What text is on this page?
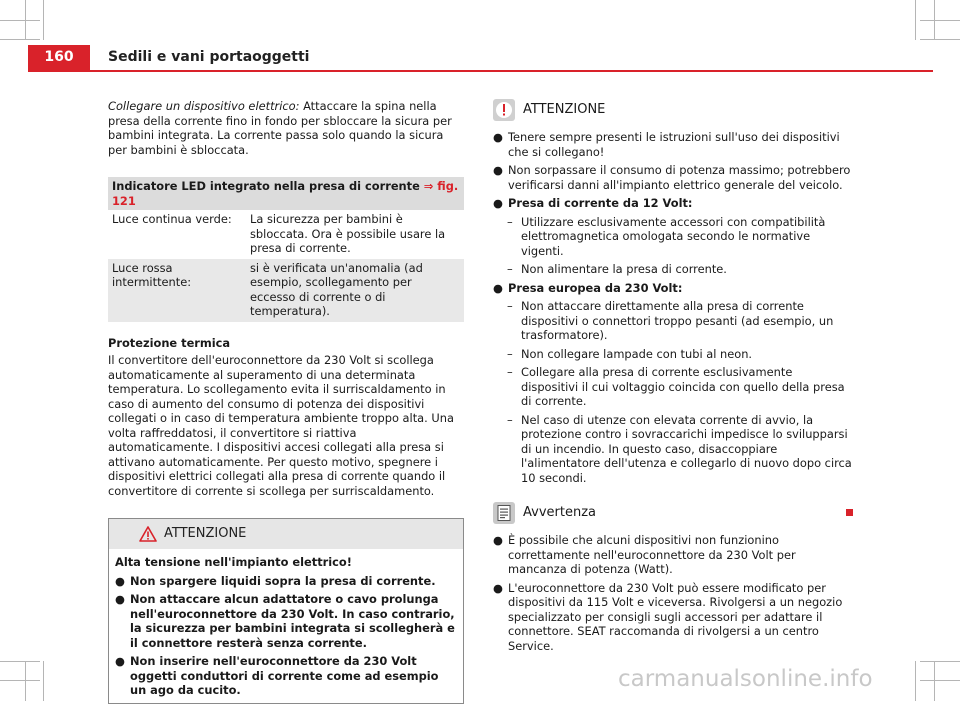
160	Sedili e vani portaoggetti

Collegare un dispositivo elettrico: Attaccare la spina nella presa della corrente fino in fondo per sbloccare la sicura per bambini integrata. La corrente passa solo quando la sicura per bambini è sbloccata.

Indicatore LED integrato nella presa di corrente ⇒ fig. 121	
Luce continua verde:	La sicurezza per bambini è sbloccata. Ora è possibile usare la presa di corrente.
Luce rossa intermittente:	si è verificata un'anomalia (ad esempio, scollegamento per eccesso di corrente o di temperatura).

Protezione termica

Il convertitore dell'euroconnettore da 230 Volt si scollega automaticamente al superamento di una determinata temperatura. Lo scollegamento evita il surriscaldamento in caso di aumento del consumo di potenza dei dispositivi collegati o in caso di temperatura ambiente troppo alta. Una volta raffreddatosi, il convertitore si riattiva automaticamente. I dispositivi accesi collegati alla presa si attivano automaticamente. Per questo motivo, spegnere i dispositivi elettrici collegati alla presa di corrente quando il convertitore di corrente si scollega per surriscaldamento.

ATTENZIONE

Alta tensione nell'impianto elettrico!

● Non spargere liquidi sopra la presa di corrente.
● Non attaccare alcun adattatore o cavo prolunga nell'euroconnettore da 230 Volt. In caso contrario, la sicurezza per bambini integrata si scollegherà e il connettore resterà senza corrente.
● Non inserire nell'euroconnettore da 230 Volt oggetti conduttori di corrente come ad esempio un ago da cucito.
ATTENZIONE
● Tenere sempre presenti le istruzioni sull'uso dei dispositivi che si collegano!
● Non sorpassare il consumo di potenza massimo; potrebbero verificarsi danni all'impianto elettrico generale del veicolo.
● Presa di corrente da 12 Volt:
– Utilizzare esclusivamente accessori con compatibilità elettromagnetica omologata secondo le normative vigenti.
– Non alimentare la presa di corrente.
● Presa europea da 230 Volt:
– Non attaccare direttamente alla presa di corrente dispositivi o connettori troppo pesanti (ad esempio, un trasformatore).
– Non collegare lampade con tubi al neon.
– Collegare alla presa di corrente esclusivamente dispositivi il cui voltaggio coincida con quello della presa di corrente.
– Nel caso di utenze con elevata corrente di avvio, la protezione contro i sovraccarichi impedisce lo svilupparsi di un incendio. In questo caso, disaccoppiare l'alimentatore dell'utenza e collegarlo di nuovo dopo circa 10 secondi.
Avvertenza
● È possibile che alcuni dispositivi non funzionino correttamente nell'euroconnettore da 230 Volt per mancanza di potenza (Watt).
● L'euroconnettore da 230 Volt può essere modificato per dispositivi da 115 Volt e viceversa. Rivolgersi a un negozio specializzato per consigli sugli accessori per adattare il connettore. SEAT raccomanda di rivolgersi a un centro Service.
carmanualsonline.info
